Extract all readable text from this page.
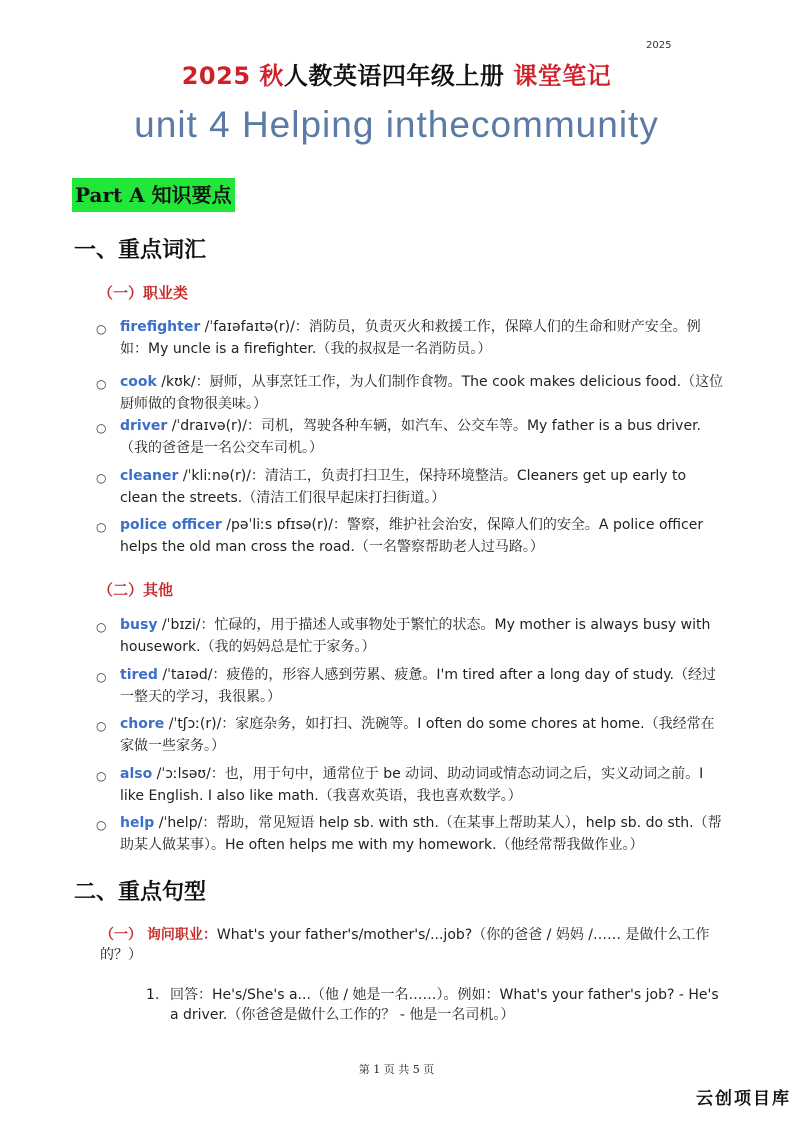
2025
2025 秋人教英语四年级上册 课堂笔记
unit 4 Helping inthecommunity
Part A 知识要点
一、重点词汇
（一）职业类
○ firefighter /ˈfaɪəfaɪtə(r)/：消防员，负责灭火和救援工作，保障人们的生命和财产安全。例如：My uncle is a firefighter.（我的叔叔是一名消防员。）
○ cook /kʊk/：厨师，从事烹饪工作，为人们制作食物。The cook makes delicious food.（这位厨师做的食物很美味。）
○ driver /ˈdraɪvə(r)/：司机，驾驶各种车辆，如汽车、公交车等。My father is a bus driver.（我的爸爸是一名公交车司机。）
○ cleaner /ˈkliːnə(r)/：清洁工，负责打扫卫生，保持环境整洁。Cleaners get up early to clean the streets.（清洁工们很早起床打扫街道。）
○ police officer /pəˈliːs ɒfɪsə(r)/：警察，维护社会治安，保障人们的安全。A police officer helps the old man cross the road.（一名警察帮助老人过马路。）
（二）其他
○ busy /ˈbɪzi/：忙碌的，用于描述人或事物处于繁忙的状态。My mother is always busy with housework.（我的妈妈总是忙于家务。）
○ tired /ˈtaɪəd/：疲倦的，形容人感到劳累、疲惫。I'm tired after a long day of study.（经过一整天的学习，我很累。）
○ chore /ˈtʃɔː(r)/：家庭杂务，如打扫、洗碗等。I often do some chores at home.（我经常在家做一些家务。）
○ also /ˈɔːlsəʊ/：也，用于句中，通常位于 be 动词、助动词或情态动词之后，实义动词之前。I like English. I also like math.（我喜欢英语，我也喜欢数学。）
○ help /ˈhelp/：帮助，常见短语 help sb. with sth.（在某事上帮助某人），help sb. do sth.（帮助某人做某事）。He often helps me with my homework.（他经常帮我做作业。）
二、重点句型
（一） 询问职业：What's your father's/mother's/...job?（你的爸爸 / 妈妈 /…… 是做什么工作的？）
1. 回答：He's/She's a...（他 / 她是一名……）。例如：What's your father's job? - He's a driver.（你爸爸是做什么工作的？ - 他是一名司机。）
第 1 页 共 5 页
云创项目库
